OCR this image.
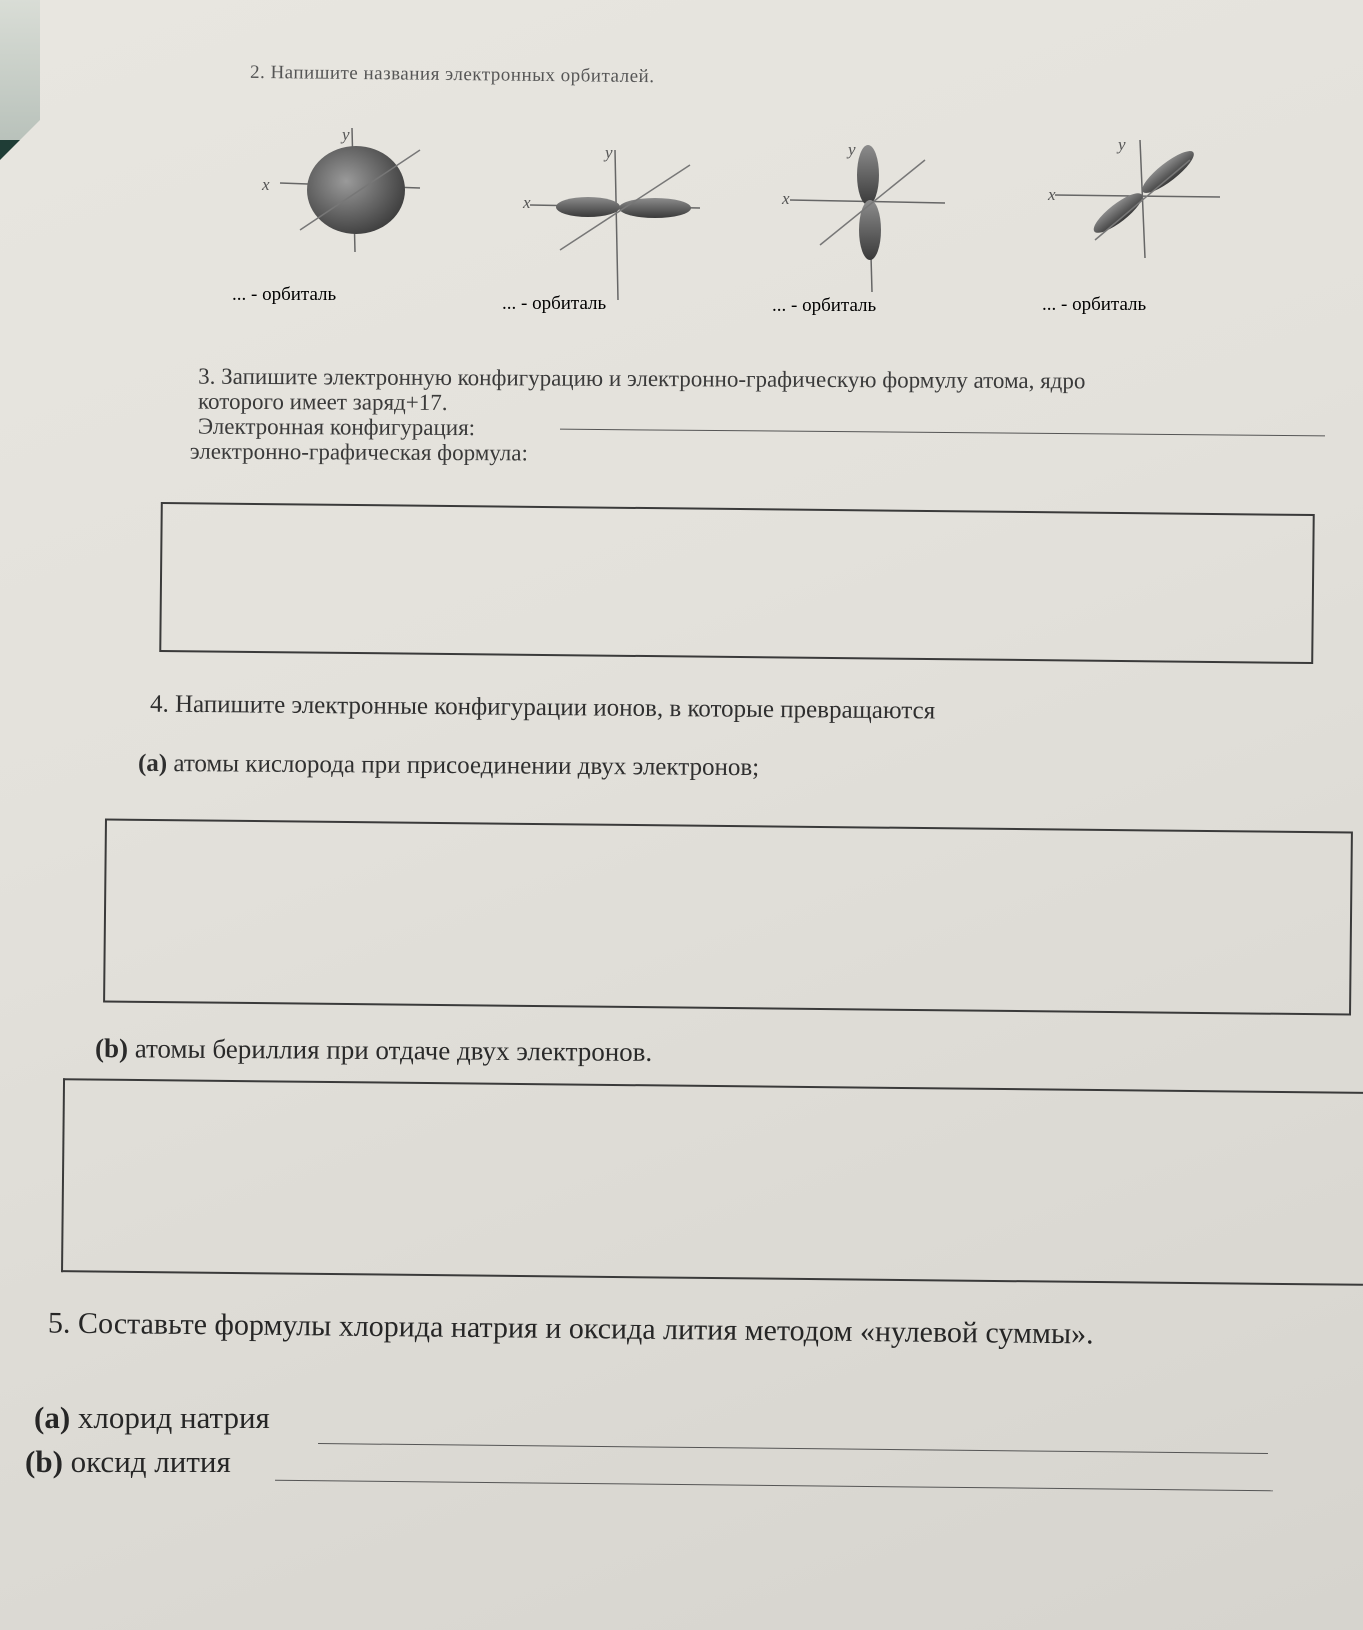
2. Напишите названия электронных орбиталей.
x
y
x
y
x
y
x
y
... - орбиталь	... - орбиталь	... - орбиталь	... - орбиталь
3. Запишите электронную конфигурацию и электронно-графическую формулу атома, ядро
которого имеет заряд+17.
Электронная конфигурация:
электронно-графическая формула:
4. Напишите электронные конфигурации ионов, в которые превращаются
(a) атомы кислорода при присоединении двух электронов;
(b) атомы бериллия при отдаче двух электронов.
5. Составьте формулы хлорида натрия и оксида лития методом «нулевой суммы».
(a) хлорид натрия
(b) оксид лития
